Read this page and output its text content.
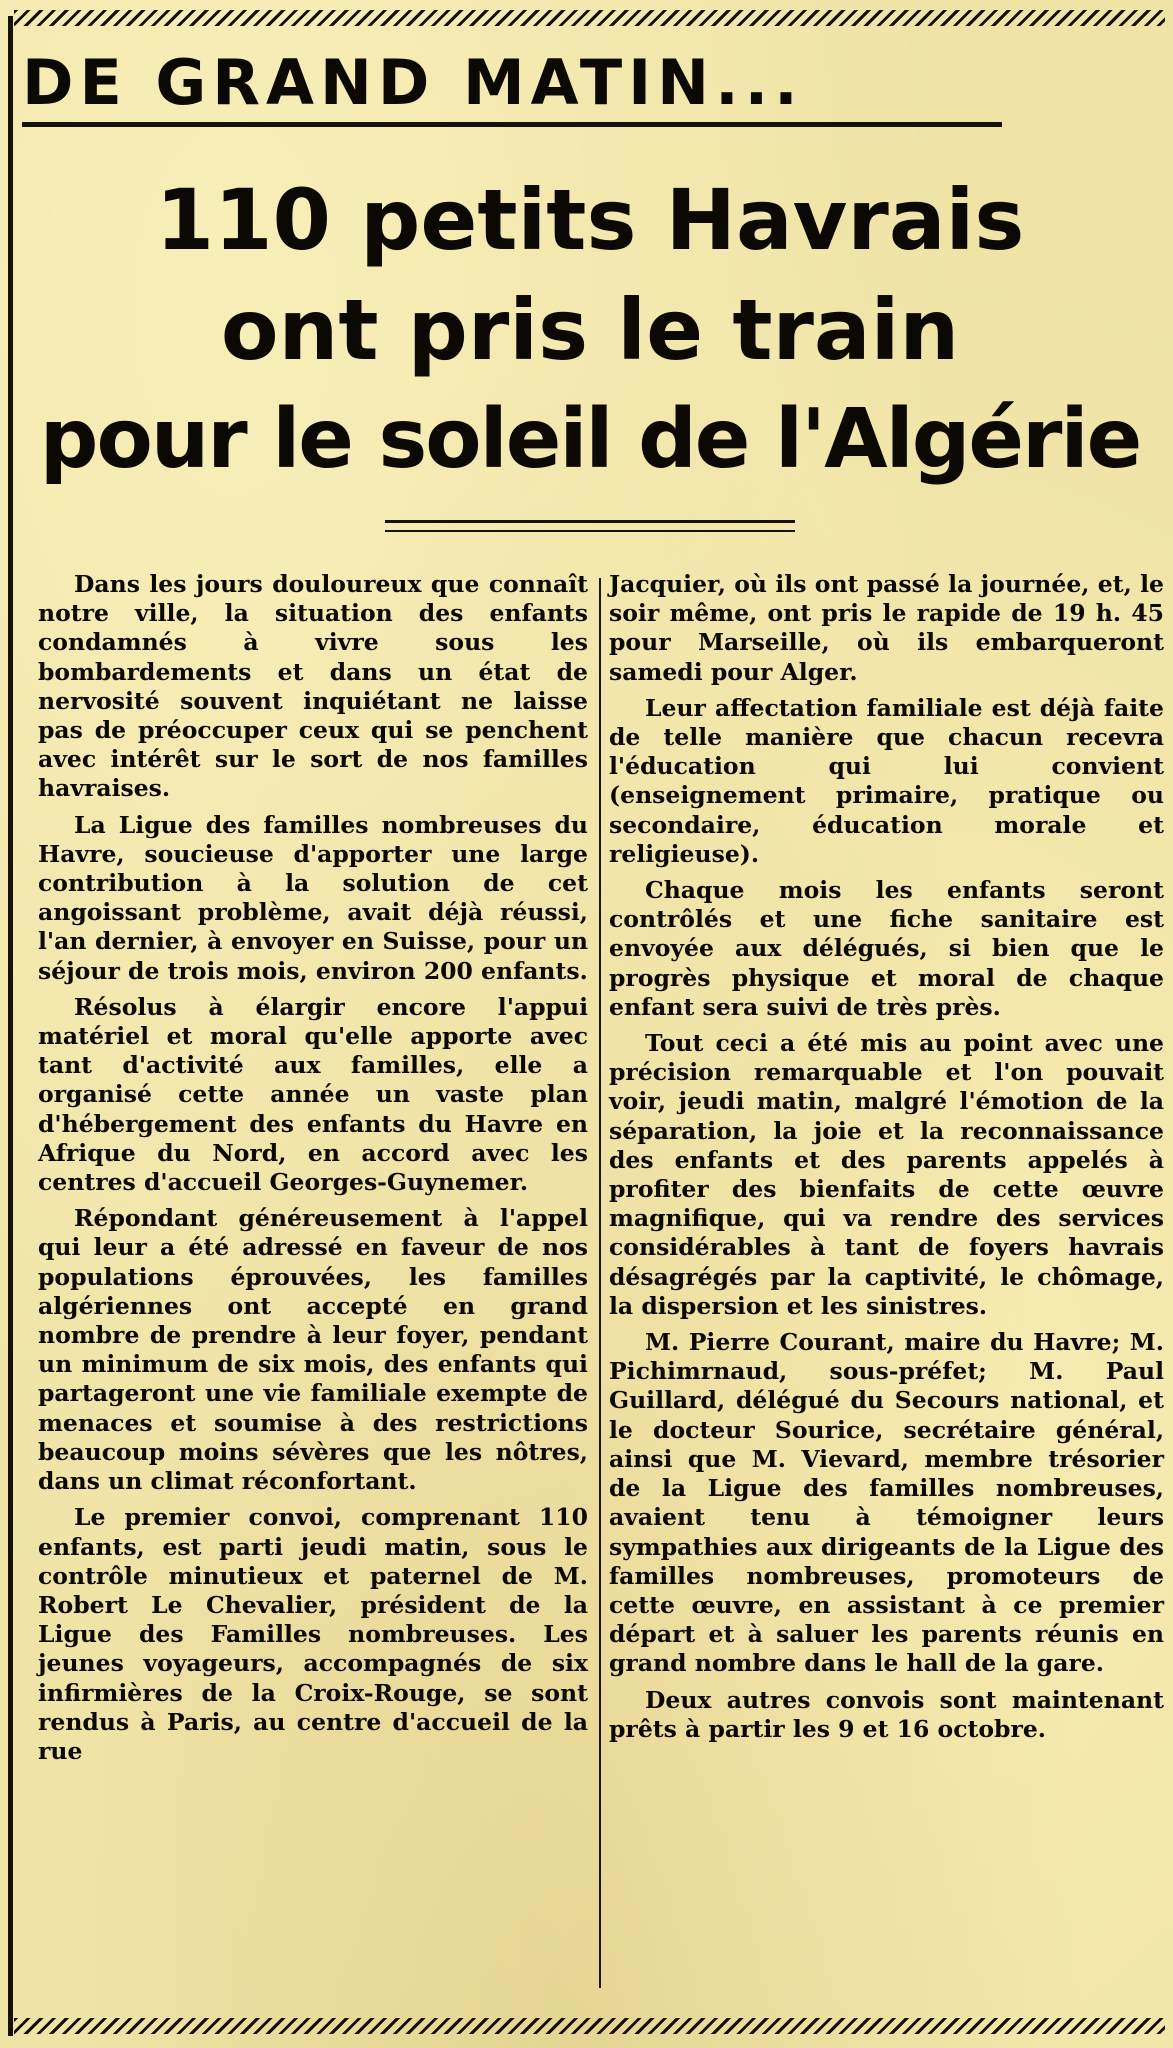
DE GRAND MATIN...
110 petits Havrais
ont pris le train
pour le soleil de l'Algérie

Dans les jours douloureux que connaît notre ville, la situation des enfants condamnés à vivre sous les bombardements et dans un état de nervosité souvent inquiétant ne laisse pas de préoccuper ceux qui se penchent avec intérêt sur le sort de nos familles havraises.

La Ligue des familles nombreuses du Havre, soucieuse d'apporter une large contribution à la solution de cet angoissant problème, avait déjà réussi, l'an dernier, à envoyer en Suisse, pour un séjour de trois mois, environ 200 enfants.

Résolus à élargir encore l'appui matériel et moral qu'elle apporte avec tant d'activité aux familles, elle a organisé cette année un vaste plan d'hébergement des enfants du Havre en Afrique du Nord, en accord avec les centres d'accueil Georges-Guynemer.

Répondant généreusement à l'appel qui leur a été adressé en faveur de nos populations éprouvées, les familles algériennes ont accepté en grand nombre de prendre à leur foyer, pendant un minimum de six mois, des enfants qui partageront une vie familiale exempte de menaces et soumise à des restrictions beaucoup moins sévères que les nôtres, dans un climat réconfortant.

Le premier convoi, comprenant 110 enfants, est parti jeudi matin, sous le contrôle minutieux et paternel de M. Robert Le Chevalier, président de la Ligue des Familles nombreuses. Les jeunes voyageurs, accompagnés de six infirmières de la Croix-Rouge, se sont rendus à Paris, au centre d'accueil de la rue

Jacquier, où ils ont passé la journée, et, le soir même, ont pris le rapide de 19 h. 45 pour Marseille, où ils embarqueront samedi pour Alger.

Leur affectation familiale est déjà faite de telle manière que chacun recevra l'éducation qui lui convient (enseignement primaire, pratique ou secondaire, éducation morale et religieuse).

Chaque mois les enfants seront contrôlés et une fiche sanitaire est envoyée aux délégués, si bien que le progrès physique et moral de chaque enfant sera suivi de très près.

Tout ceci a été mis au point avec une précision remarquable et l'on pouvait voir, jeudi matin, malgré l'émotion de la séparation, la joie et la reconnaissance des enfants et des parents appelés à profiter des bienfaits de cette œuvre magnifique, qui va rendre des services considérables à tant de foyers havrais désagrégés par la captivité, le chômage, la dispersion et les sinistres.

M. Pierre Courant, maire du Havre; M. Pichimrnaud, sous-préfet; M. Paul Guillard, délégué du Secours national, et le docteur Sourice, secrétaire général, ainsi que M. Vievard, membre trésorier de la Ligue des familles nombreuses, avaient tenu à témoigner leurs sympathies aux dirigeants de la Ligue des familles nombreuses, promoteurs de cette œuvre, en assistant à ce premier départ et à saluer les parents réunis en grand nombre dans le hall de la gare.

Deux autres convois sont maintenant prêts à partir les 9 et 16 octobre.
